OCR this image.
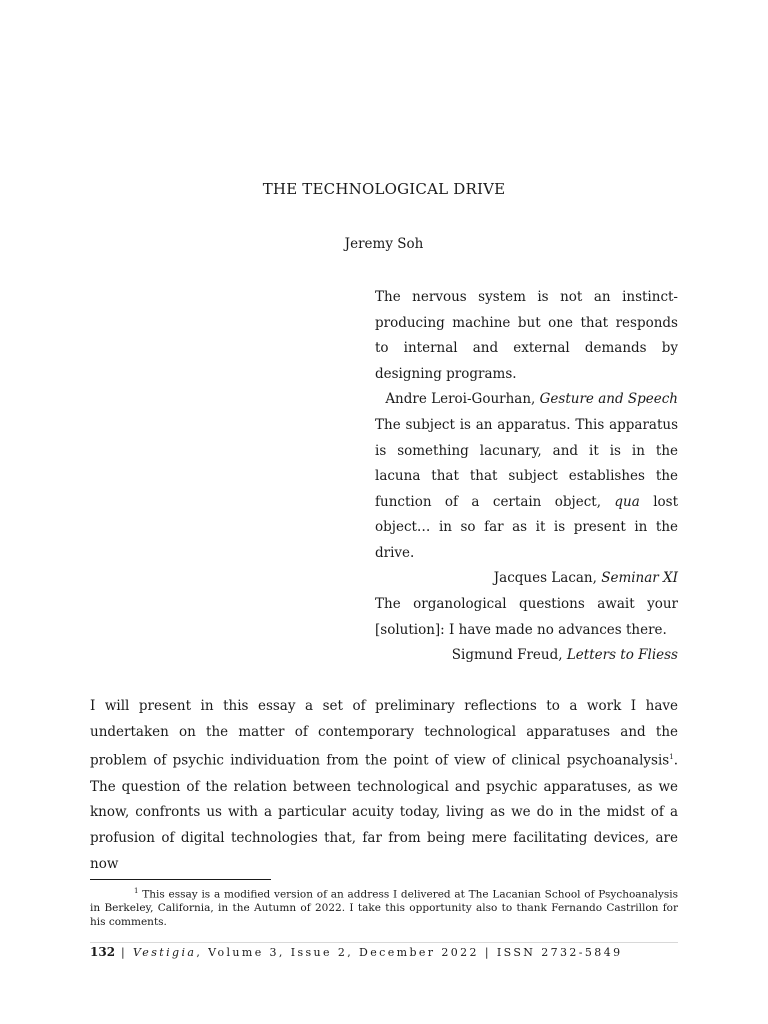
THE TECHNOLOGICAL DRIVE
Jeremy Soh
The nervous system is not an instinct-producing machine but one that responds to internal and external demands by designing programs.
Andre Leroi-Gourhan, Gesture and Speech
The subject is an apparatus. This apparatus is something lacunary, and it is in the lacuna that that subject establishes the function of a certain object, qua lost object… in so far as it is present in the drive.
Jacques Lacan, Seminar XI
The organological questions await your [solution]: I have made no advances there.
Sigmund Freud, Letters to Fliess

I will present in this essay a set of preliminary reflections to a work I have undertaken on the matter of contemporary technological apparatuses and the problem of psychic individuation from the point of view of clinical psychoanalysis$^1$. The question of the relation between technological and psychic apparatuses, as we know, confronts us with a particular acuity today, living as we do in the midst of a profusion of digital technologies that, far from being mere facilitating devices, are now

$^1$ This essay is a modified version of an address I delivered at The Lacanian School of Psychoanalysis in Berkeley, California, in the Autumn of 2022. I take this opportunity also to thank Fernando Castrillon for his comments.

132 | Vestigia, Volume 3, Issue 2, December 2022 | ISSN 2732-5849
